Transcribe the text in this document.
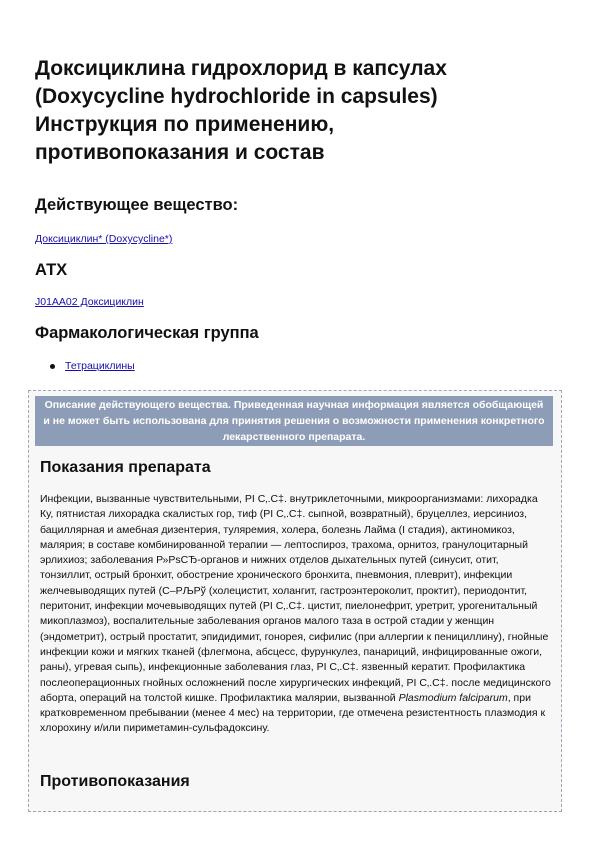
Доксициклина гидрохлорид в капсулах
(Doxycycline hydrochloride in capsules)
Инструкция по применению,
противопоказания и состав
Действующее вещество:
Доксициклин* (Doxycycline*)
АТХ
J01AA02 Доксициклин
Фармакологическая группа
Тетрациклины
Описание действующего вещества. Приведенная научная информация является обобщающей и не может быть использована для принятия решения о возможности применения конкретного лекарственного препарата.
Показания препарата

Инфекции, вызванные чувствительными, РІ С‚.С‡. внутриклеточными, микроорганизмами: лихорадка Ку, пятнистая лихорадка скалистых гор, тиф (РІ С‚.С‡. сыпной, возвратный), бруцеллез, иерсиниоз, бациллярная и амебная дизентерия, туляремия, холера, болезнь Лайма (I стадия), актиномикоз, малярия; в составе комбинированной терапии — лептоспироз, трахома, орнитоз, гранулоцитарный эрлихиоз; заболевания Р»РѕСЂ-органов и нижних отделов дыхательных путей (синусит, отит, тонзиллит, острый бронхит, обострение хронического бронхита, пневмония, плеврит), инфекции желчевыводящих путей (С–РЉРў (холецистит, холангит, гастроэнтероколит, проктит), периодонтит, перитонит, инфекции мочевыводящих путей (РІ С‚.С‡. цистит, пиелонефрит, уретрит, урогенитальный микоплазмоз), воспалительные заболевания органов малого таза в острой стадии у женщин (эндометрит), острый простатит, эпидидимит, гонорея, сифилис (при аллергии к пенициллину), гнойные инфекции кожи и мягких тканей (флегмона, абсцесс, фурункулез, панариций, инфицированные ожоги, раны), угревая сыпь), инфекционные заболевания глаз, РІ С‚.С‡. язвенный кератит. Профилактика послеоперационных гнойных осложнений после хирургических инфекций, РІ С‚.С‡. после медицинского аборта, операций на толстой кишке. Профилактика малярии, вызванной Plasmodium falciparum, при кратковременном пребывании (менее 4 мес) на территории, где отмечена резистентность плазмодия к хлорохину и/или пириметамин-сульфадоксину.

Противопоказания
